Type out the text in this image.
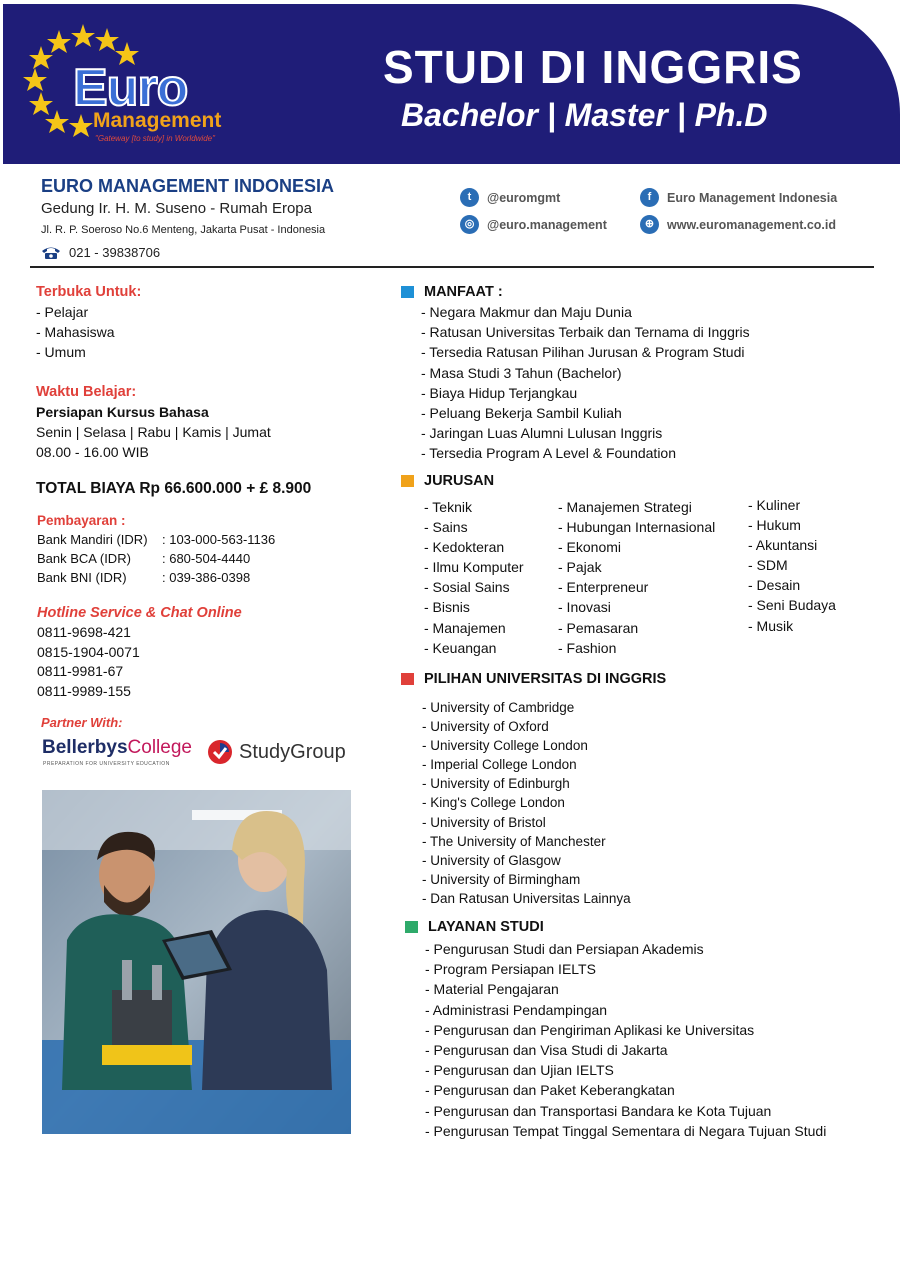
Euro
Management
"Gateway [to study] in Worldwide"
STUDI DI INGGRIS
Bachelor | Master | Ph.D
EURO MANAGEMENT INDONESIA
Gedung Ir. H. M. Suseno - Rumah Eropa
Jl. R. P. Soeroso No.6 Menteng, Jakarta Pusat - Indonesia
021 - 39838706
t	@euromgmt
◎	@euro.management
f	Euro Management Indonesia
⊕	www.euromanagement.co.id
Terbuka Untuk:
- Pelajar
- Mahasiswa
- Umum
Waktu Belajar:
Persiapan Kursus Bahasa
Senin | Selasa | Rabu | Kamis | Jumat
08.00 - 16.00 WIB
TOTAL BIAYA Rp 66.600.000 + £ 8.900
Pembayaran :
Bank Mandiri (IDR)	: 103-000-563-1136
Bank BCA (IDR)	: 680-504-4440
Bank BNI (IDR)	: 039-386-0398
Hotline Service & Chat Online
0811-9698-421
0815-1904-0071
0811-9981-67
0811-9989-155
Partner With:
BellerbysCollege
PREPARATION FOR UNIVERSITY EDUCATION
StudyGroup
MANFAAT :
- Negara Makmur dan Maju Dunia
- Ratusan Universitas Terbaik dan Ternama di Inggris
- Tersedia Ratusan Pilihan Jurusan & Program Studi
- Masa Studi 3 Tahun (Bachelor)
- Biaya Hidup Terjangkau
- Peluang Bekerja Sambil Kuliah
- Jaringan Luas Alumni Lulusan Inggris
- Tersedia Program A Level & Foundation
JURUSAN
- Teknik
- Sains
- Kedokteran
- Ilmu Komputer
- Sosial Sains
- Bisnis
- Manajemen
- Keuangan
- Manajemen Strategi
- Hubungan Internasional
- Ekonomi
- Pajak
- Enterpreneur
- Inovasi
- Pemasaran
- Fashion
- Kuliner
- Hukum
- Akuntansi
- SDM
- Desain
- Seni Budaya
- Musik
PILIHAN UNIVERSITAS DI INGGRIS
- University of Cambridge
- University of Oxford
- University College London
- Imperial College London
- University of Edinburgh
- King's College London
- University of Bristol
- The University of Manchester
- University of Glasgow
- University of Birmingham
- Dan Ratusan Universitas Lainnya
LAYANAN STUDI
- Pengurusan Studi dan Persiapan Akademis
- Program Persiapan IELTS
- Material Pengajaran
- Administrasi Pendampingan
- Pengurusan dan Pengiriman Aplikasi ke Universitas
- Pengurusan dan Visa Studi di Jakarta
- Pengurusan dan Ujian IELTS
- Pengurusan dan Paket Keberangkatan
- Pengurusan dan Transportasi Bandara ke Kota Tujuan
- Pengurusan Tempat Tinggal Sementara di Negara Tujuan Studi
